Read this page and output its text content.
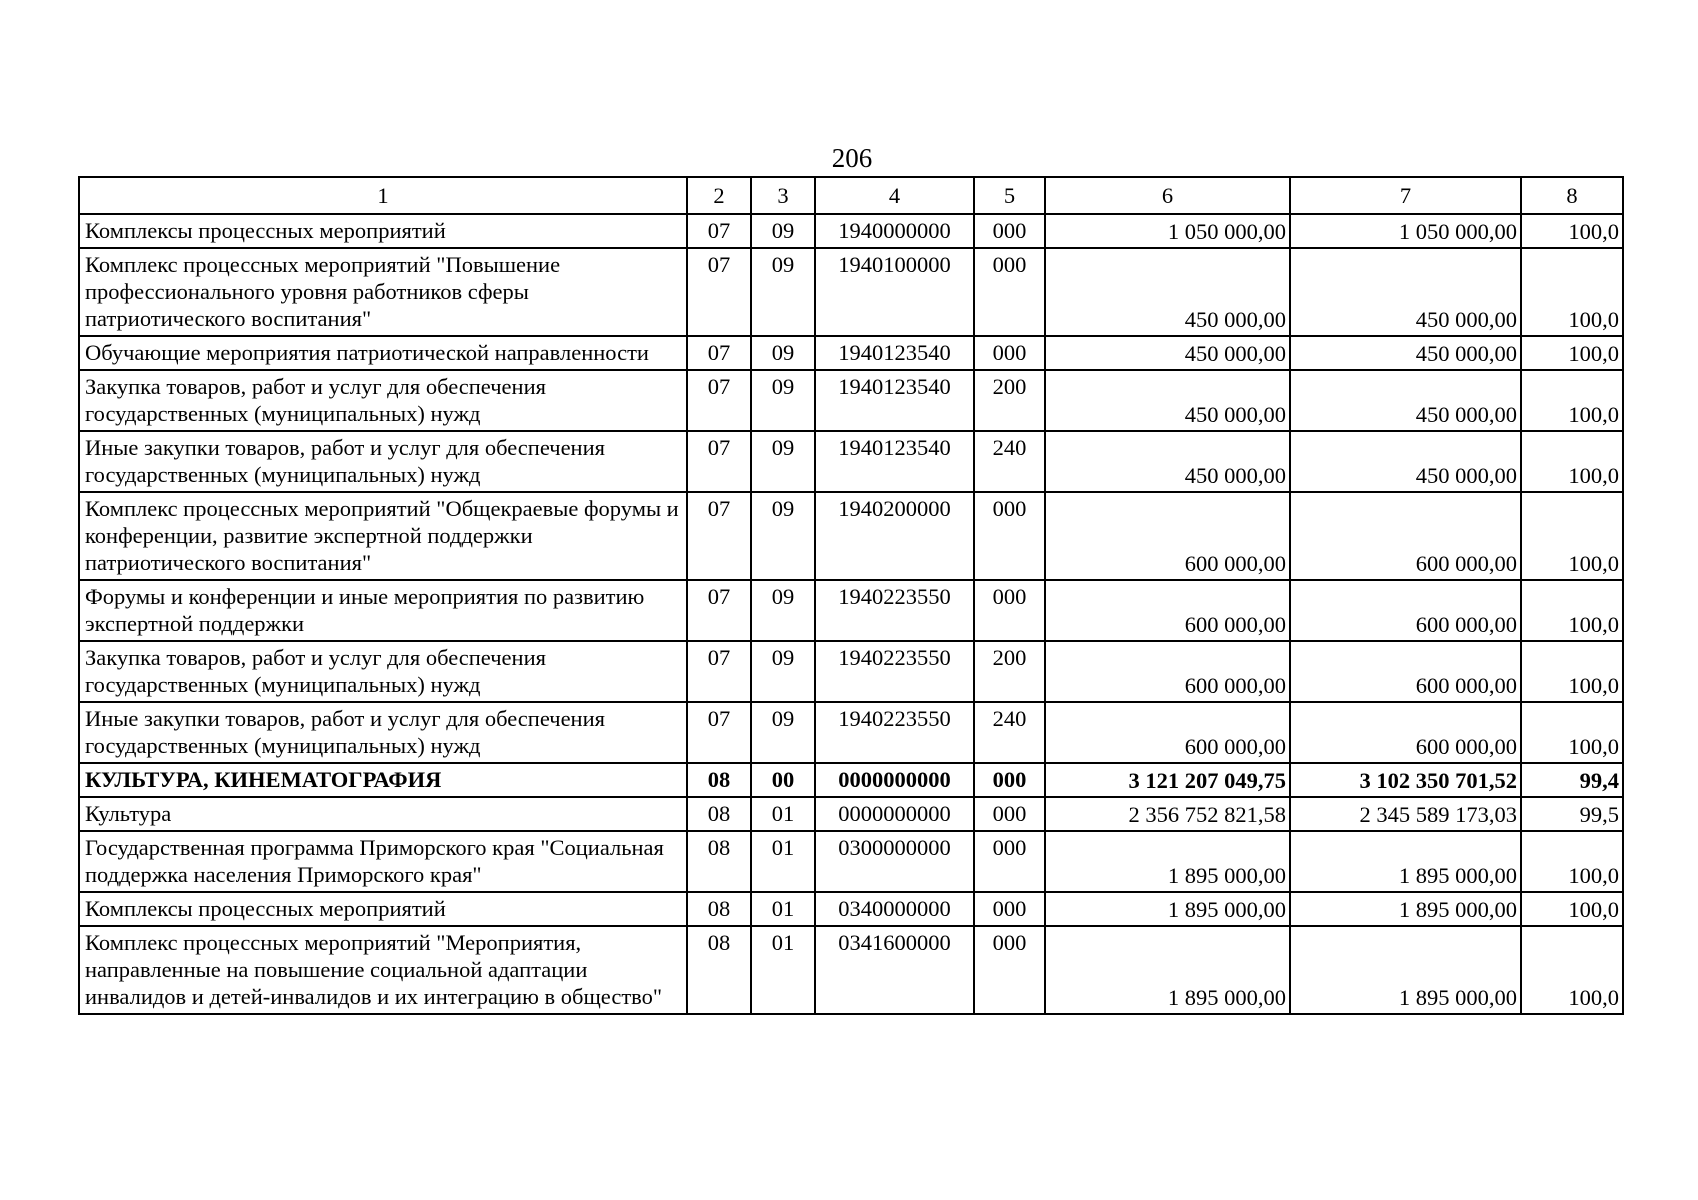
206
1	2	3	4	5	6	7	8
Комплексы процессных мероприятий	07	09	1940000000	000	1 050 000,00	1 050 000,00	100,0
Комплекс процессных мероприятий "Повышение профессионального уровня работников сферы патриотического воспитания"	07	09	1940100000	000	450 000,00	450 000,00	100,0
Обучающие мероприятия патриотической направленности	07	09	1940123540	000	450 000,00	450 000,00	100,0
Закупка товаров, работ и услуг для обеспечения государственных (муниципальных) нужд	07	09	1940123540	200	450 000,00	450 000,00	100,0
Иные закупки товаров, работ и услуг для обеспечения государственных (муниципальных) нужд	07	09	1940123540	240	450 000,00	450 000,00	100,0
Комплекс процессных мероприятий "Общекраевые форумы и конференции, развитие экспертной поддержки патриотического воспитания"	07	09	1940200000	000	600 000,00	600 000,00	100,0
Форумы и конференции и иные мероприятия по развитию экспертной поддержки	07	09	1940223550	000	600 000,00	600 000,00	100,0
Закупка товаров, работ и услуг для обеспечения государственных (муниципальных) нужд	07	09	1940223550	200	600 000,00	600 000,00	100,0
Иные закупки товаров, работ и услуг для обеспечения государственных (муниципальных) нужд	07	09	1940223550	240	600 000,00	600 000,00	100,0
КУЛЬТУРА, КИНЕМАТОГРАФИЯ	08	00	0000000000	000	3 121 207 049,75	3 102 350 701,52	99,4
Культура	08	01	0000000000	000	2 356 752 821,58	2 345 589 173,03	99,5
Государственная программа Приморского края "Социальная поддержка населения Приморского края"	08	01	0300000000	000	1 895 000,00	1 895 000,00	100,0
Комплексы процессных мероприятий	08	01	0340000000	000	1 895 000,00	1 895 000,00	100,0
Комплекс процессных мероприятий "Мероприятия, направленные на повышение социальной адаптации инвалидов и детей-инвалидов и их интеграцию в общество"	08	01	0341600000	000	1 895 000,00	1 895 000,00	100,0
